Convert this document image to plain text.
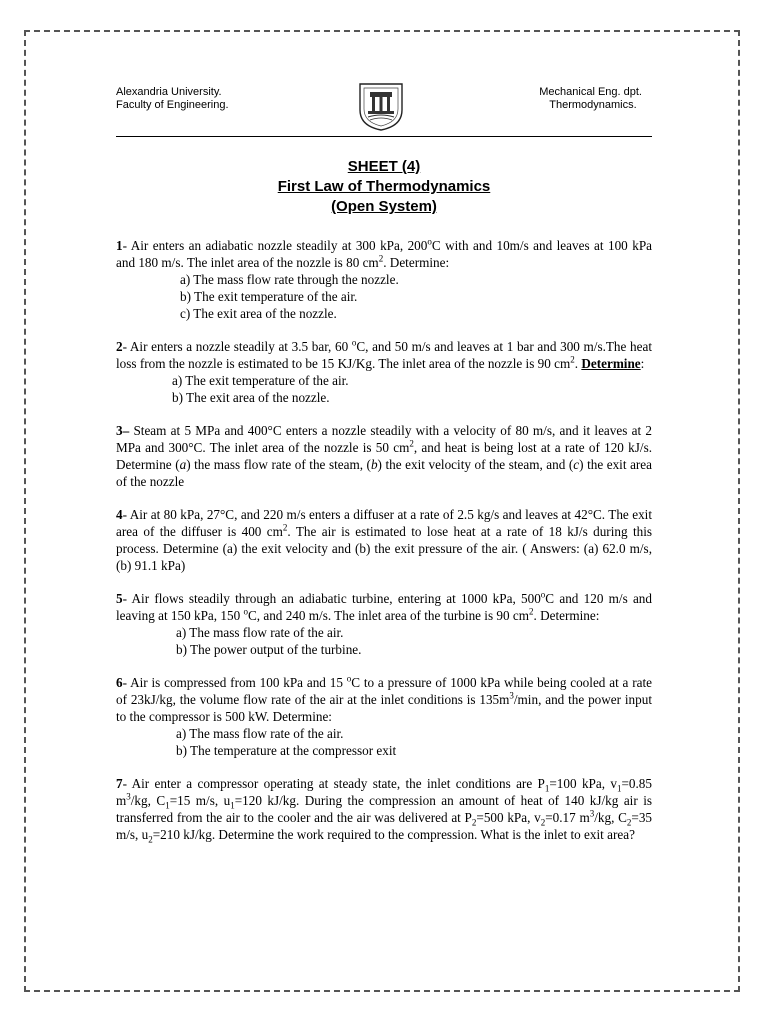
Alexandria University.
Faculty of Engineering.
Mechanical Eng. dpt.
Thermodynamics.
SHEET (4)
First Law of Thermodynamics
(Open System)

1- Air enters an adiabatic nozzle steadily at 300 kPa, 200$^o$C with and 10m/s and leaves at 100 kPa and 180 m/s. The inlet area of the nozzle is 80 $cm^2$. Determine:

a) The mass flow rate through the nozzle.

b) The exit temperature of the air.

c) The exit area of the nozzle.

2- Air enters a nozzle steadily at 3.5 bar, 60 $^o$C, and 50 m/s and leaves at 1 bar and 300 m/s.The heat loss from the nozzle is estimated to be 15 KJ/Kg. The inlet area of the nozzle is 90 $cm^2$. Determine:

a) The exit temperature of the air.

b) The exit area of the nozzle.

3– Steam at 5 MPa and 400°C enters a nozzle steadily with a velocity of 80 m/s, and it leaves at 2 MPa and 300°C. The inlet area of the nozzle is 50 $cm^2$, and heat is being lost at a rate of 120 kJ/s. Determine (a) the mass flow rate of the steam, (b) the exit velocity of the steam, and (c) the exit area of the nozzle

4- Air at 80 kPa, 27°C, and 220 m/s enters a diffuser at a rate of 2.5 kg/s and leaves at 42°C. The exit area of the diffuser is 400 $cm^2$. The air is estimated to lose heat at a rate of 18 kJ/s during this process. Determine (a) the exit velocity and (b) the exit pressure of the air. ( Answers: (a) 62.0 m/s, (b) 91.1 kPa)

5- Air flows steadily through an adiabatic turbine, entering at 1000 kPa, 500$^o$C and 120 m/s and leaving at 150 kPa, 150 $^o$C, and 240 m/s. The inlet area of the turbine is 90 $cm^2$. Determine:

a) The mass flow rate of the air.

b) The power output of the turbine.

6- Air is compressed from 100 kPa and 15 $^o$C to a pressure of 1000 kPa while being cooled at a rate of 23kJ/kg, the volume flow rate of the air at the inlet conditions is $135m^3/\min$, and the power input to the compressor is 500 kW. Determine:

a) The mass flow rate of the air.

b) The temperature at the compressor exit

7- Air enter a compressor operating at steady state, the inlet conditions are $P_1=100$ kPa, $v_1=0.85$ $m^3/kg$, $C_1=15$ m/s, $u_1=120$ kJ/kg. During the compression an amount of heat of 140 kJ/kg air is transferred from the air to the cooler and the air was delivered at $P_2=500$ kPa, $v_2=0.17$ $m^3/kg$, $C_2=35$ m/s, $u_2=210$ kJ/kg. Determine the work required to the compression. What is the inlet to exit area?
